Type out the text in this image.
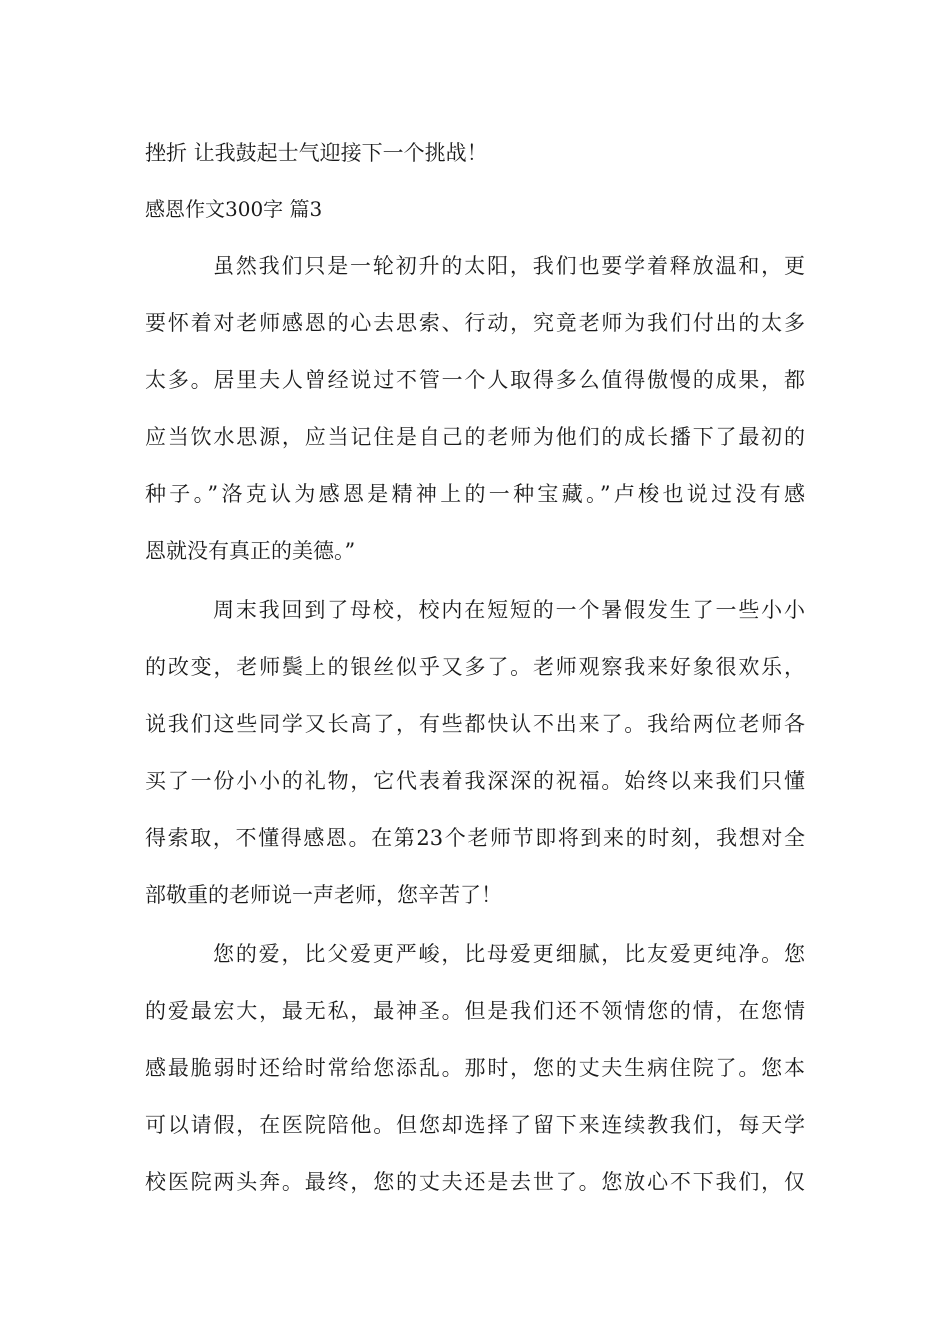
挫折 让我鼓起士气迎接下一个挑战！
感恩作文300字 篇3
虽然我们只是一轮初升的太阳，我们也要学着释放温和，更
要怀着对老师感恩的心去思索、行动，究竟老师为我们付出的太多
太多。居里夫人曾经说过不管一个人取得多么值得傲慢的成果，都
应当饮水思源，应当记住是自己的老师为他们的成长播下了最初的
种子。”洛克认为感恩是精神上的一种宝藏。”卢梭也说过没有感
恩就没有真正的美德。”
周末我回到了母校，校内在短短的一个暑假发生了一些小小
的改变，老师鬓上的银丝似乎又多了。老师观察我来好象很欢乐，
说我们这些同学又长高了，有些都快认不出来了。我给两位老师各
买了一份小小的礼物，它代表着我深深的祝福。始终以来我们只懂
得索取，不懂得感恩。在第23个老师节即将到来的时刻，我想对全
部敬重的老师说一声老师，您辛苦了！
您的爱，比父爱更严峻，比母爱更细腻，比友爱更纯净。您
的爱最宏大，最无私，最神圣。但是我们还不领情您的情，在您情
感最脆弱时还给时常给您添乱。那时，您的丈夫生病住院了。您本
可以请假，在医院陪他。但您却选择了留下来连续教我们，每天学
校医院两头奔。最终，您的丈夫还是去世了。您放心不下我们，仅
